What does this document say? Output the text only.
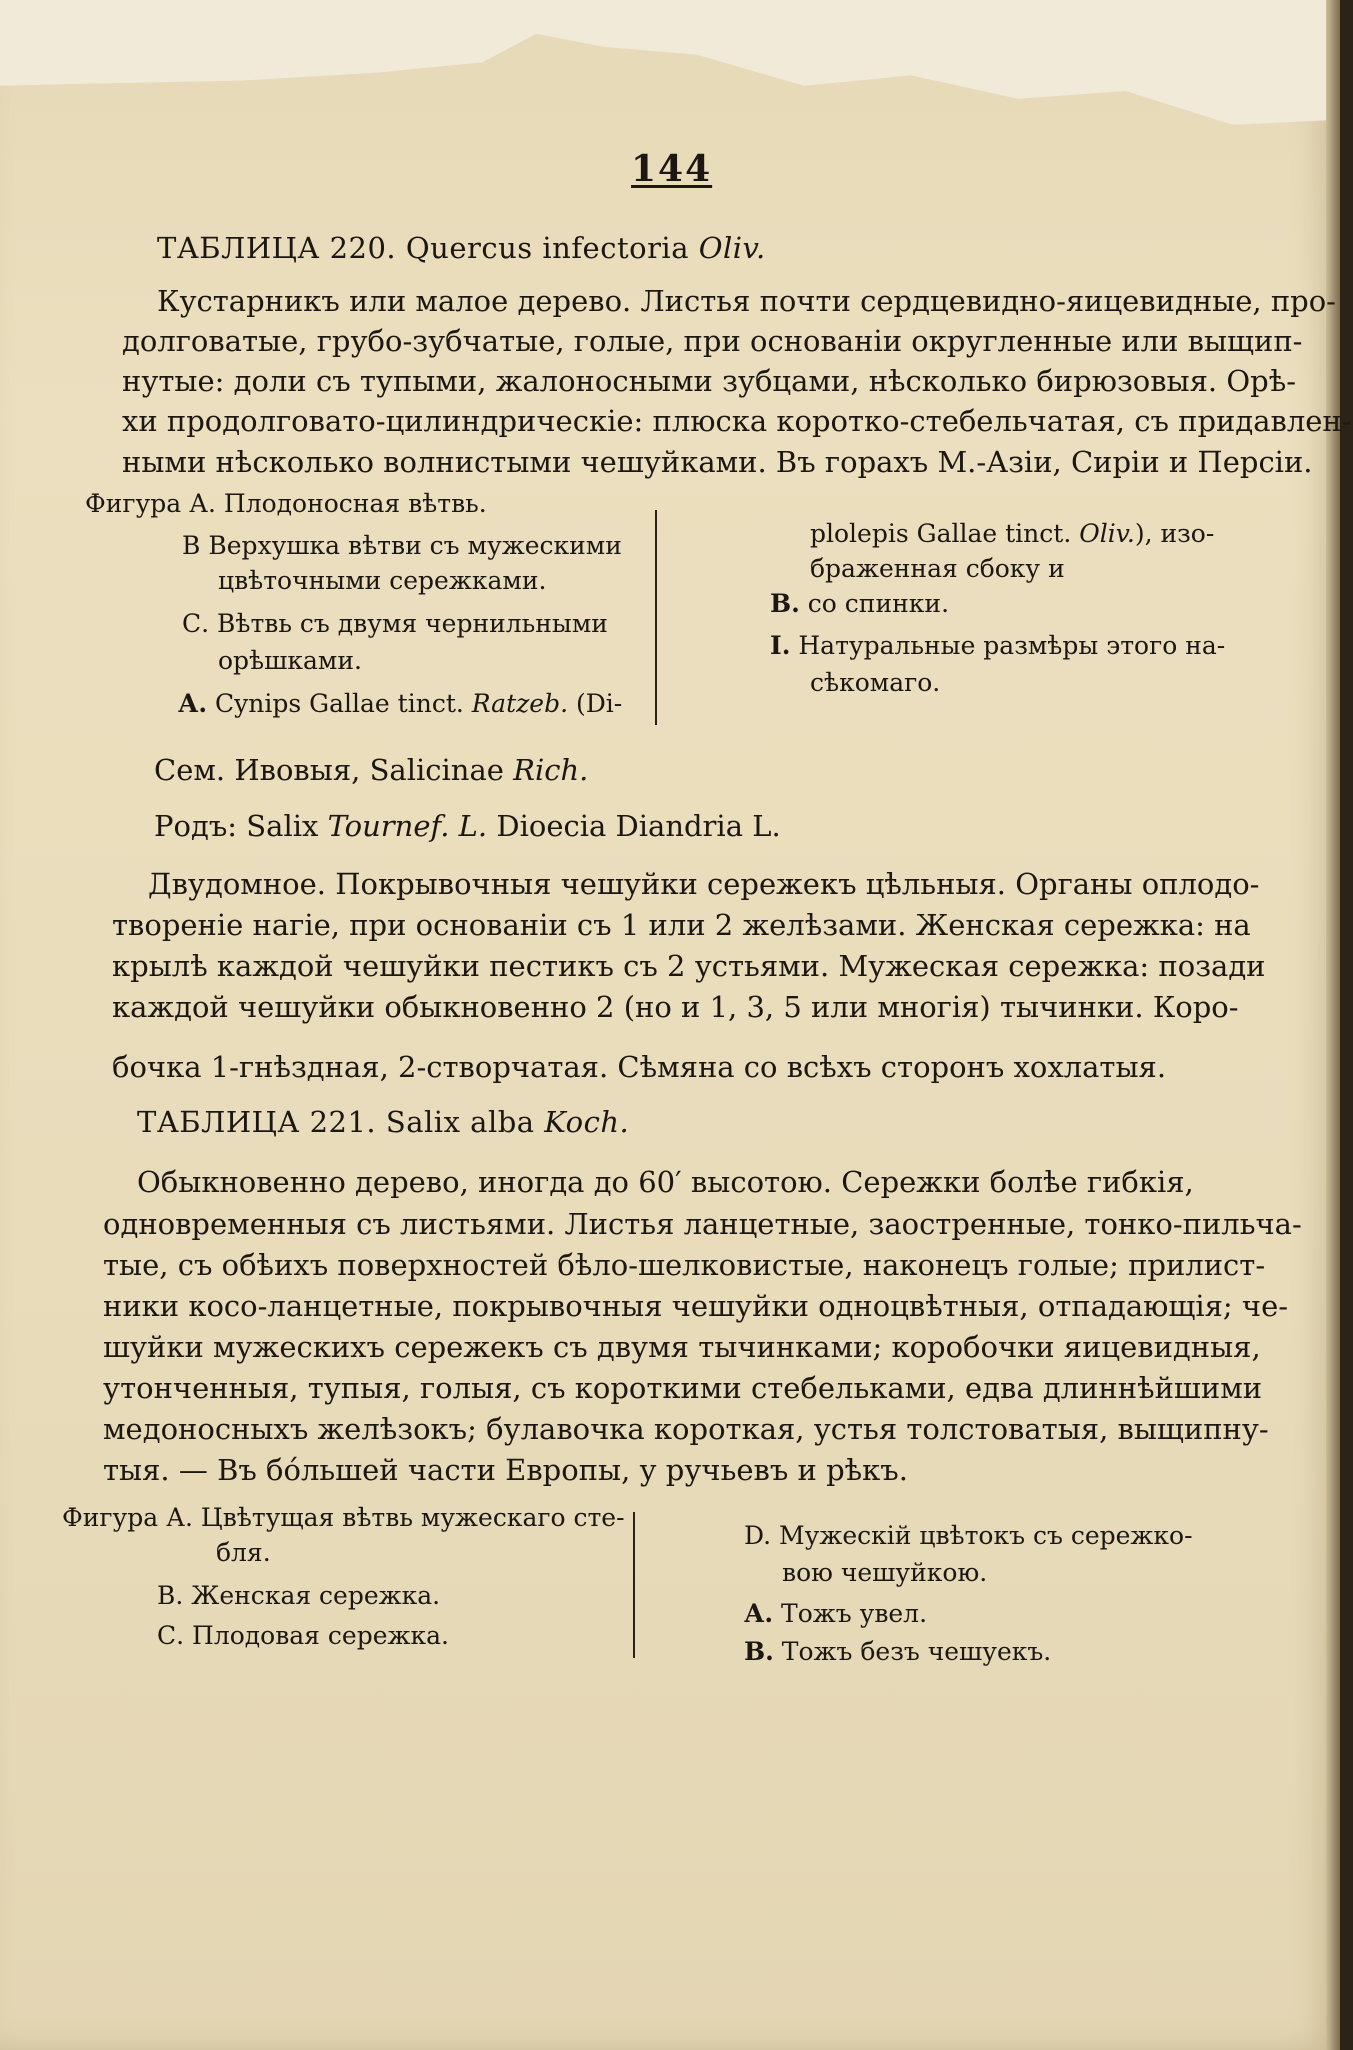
144
ТАБЛИЦА 220. Quercus infectoria Oliv.
Кустарникъ или малое дерево. Листья почти сердцевидно-яицевидные, про-
долговатые, грубо-зубчатые, голые, при основаніи округленные или выщип-
нутые: доли съ тупыми, жалоносными зубцами, нѣсколько бирюзовыя. Орѣ-
хи продолговато-цилиндрическіе: плюска коротко-стебельчатая, съ придавлен-
ными нѣсколько волнистыми чешуйками. Въ горахъ М.-Азіи, Сиріи и Персіи.
Фигура А. Плодоносная вѣтвь.
В Верхушка вѣтви съ мужескими
цвѣточными сережками.
С. Вѣтвь съ двумя чернильными
орѣшками.
А. Cynips Gallae tinct. Ratzeb. (Di-
plolepis Gallae tinct. Oliv.), изо-
браженная сбоку и
B. со спинки.
I. Натуральные размѣры этого на-
сѣкомаго.
Сем. Ивовыя, Salicinae Rich.
Родъ: Salix Tournef. L. Dioecia Diandria L.
Двудомное. Покрывочныя чешуйки сережекъ цѣльныя. Органы оплодо-
твореніе нагіе, при основаніи съ 1 или 2 желѣзами. Женская сережка: на
крылѣ каждой чешуйки пестикъ съ 2 устьями. Мужеская сережка: позади
каждой чешуйки обыкновенно 2 (но и 1, 3, 5 или многія) тычинки. Коро-
бочка 1-гнѣздная, 2-створчатая. Сѣмяна со всѣхъ сторонъ хохлатыя.
ТАБЛИЦА 221. Salix alba Koch.
Обыкновенно дерево, иногда до 60′ высотою. Сережки болѣе гибкія,
одновременныя съ листьями. Листья ланцетные, заостренные, тонко-пильча-
тые, съ обѣихъ поверхностей бѣло-шелковистые, наконецъ голые; прилист-
ники косо-ланцетные, покрывочныя чешуйки одноцвѣтныя, отпадающія; че-
шуйки мужескихъ сережекъ съ двумя тычинками; коробочки яицевидныя,
утонченныя, тупыя, голыя, съ короткими стебельками, едва длиннѣйшими
медоносныхъ желѣзокъ; булавочка короткая, устья толстоватыя, выщипну-
тыя. — Въ бóльшей части Европы, у ручьевъ и рѣкъ.
Фигура А. Цвѣтущая вѣтвь мужескаго сте-
бля.
В. Женская сережка.
С. Плодовая сережка.
D. Мужескій цвѣтокъ съ сережко-
вою чешуйкою.
А. Тожъ увел.
В. Тожъ безъ чешуекъ.
